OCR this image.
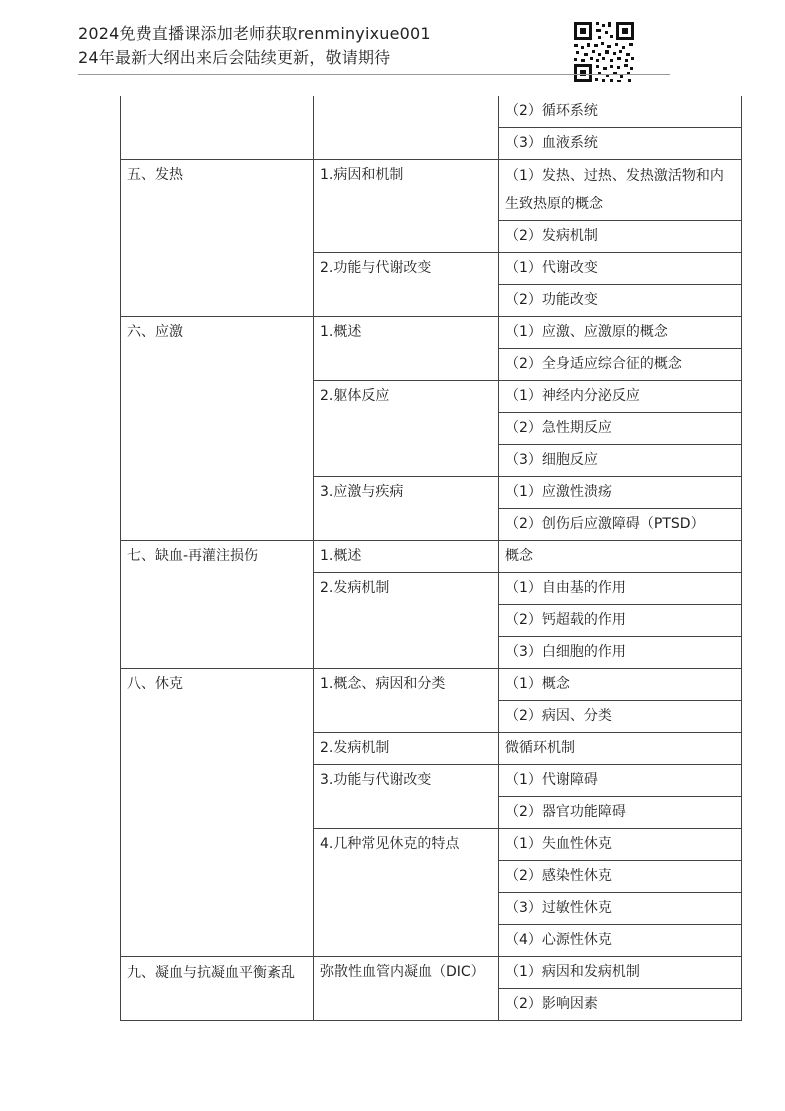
2024免费直播课添加老师获取renminyixue001
24年最新大纲出来后会陆续更新，敬请期待
		（2）循环系统
		（3）血液系统
五、发热	1.病因和机制	（1）发热、过热、发热激活物和内生致热原的概念
		（2）发病机制
	2.功能与代谢改变	（1）代谢改变
		（2）功能改变
六、应激	1.概述	（1）应激、应激原的概念
		（2）全身适应综合征的概念
	2.躯体反应	（1）神经内分泌反应
		（2）急性期反应
		（3）细胞反应
	3.应激与疾病	（1）应激性溃疡
		（2）创伤后应激障碍（PTSD）
七、缺血-再灌注损伤	1.概述	概念
	2.发病机制	（1）自由基的作用
		（2）钙超载的作用
		（3）白细胞的作用
八、休克	1.概念、病因和分类	（1）概念
		（2）病因、分类
	2.发病机制	微循环机制
	3.功能与代谢改变	（1）代谢障碍
		（2）器官功能障碍
	4.几种常见休克的特点	（1）失血性休克
		（2）感染性休克
		（3）过敏性休克
		（4）心源性休克
九、凝血与抗凝血平衡紊乱	弥散性血管内凝血（DIC）	（1）病因和发病机制
		（2）影响因素
